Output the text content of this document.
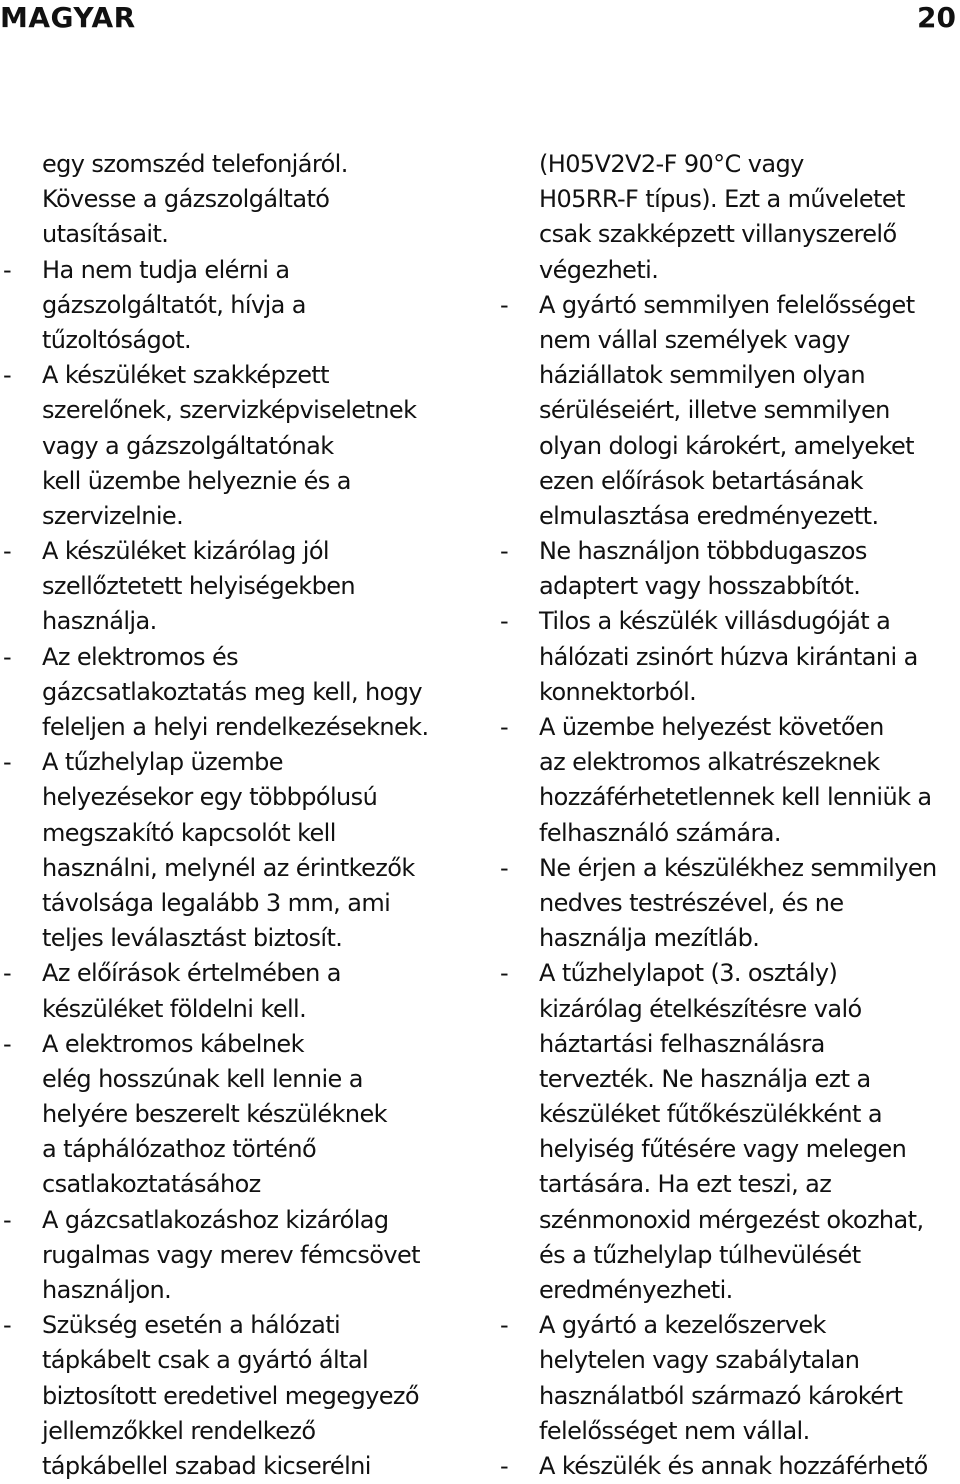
MAGYAR	20
egy szomszéd telefonjáról.
Kövesse a gázszolgáltató
utasításait.
- Ha nem tudja elérni a
gázszolgáltatót, hívja a
tűzoltóságot.
- A készüléket szakképzett
szerelőnek, szervizképviseletnek
vagy a gázszolgáltatónak
kell üzembe helyeznie és a
szervizelnie.
- A készüléket kizárólag jól
szellőztetett helyiségekben
használja.
- Az elektromos és
gázcsatlakoztatás meg kell, hogy
feleljen a helyi rendelkezéseknek.
- A tűzhelylap üzembe
helyezésekor egy többpólusú
megszakító kapcsolót kell
használni, melynél az érintkezők
távolsága legalább 3 mm, ami
teljes leválasztást biztosít.
- Az előírások értelmében a
készüléket földelni kell.
- A elektromos kábelnek
elég hosszúnak kell lennie a
helyére beszerelt készüléknek
a táphálózathoz történő
csatlakoztatásához
- A gázcsatlakozáshoz kizárólag
rugalmas vagy merev fémcsövet
használjon.
- Szükség esetén a hálózati
tápkábelt csak a gyártó által
biztosított eredetivel megegyező
jellemzőkkel rendelkező
tápkábellel szabad kicserélni
(H05V2V2-F 90°C vagy
H05RR-F típus). Ezt a műveletet
csak szakképzett villanyszerelő
végezheti.
- A gyártó semmilyen felelősséget
nem vállal személyek vagy
háziállatok semmilyen olyan
sérüléseiért, illetve semmilyen
olyan dologi károkért, amelyeket
ezen előírások betartásának
elmulasztása eredményezett.
- Ne használjon többdugaszos
adaptert vagy hosszabbítót.
- Tilos a készülék villásdugóját a
hálózati zsinórt húzva kirántani a
konnektorból.
- A üzembe helyezést követően
az elektromos alkatrészeknek
hozzáférhetetlennek kell lenniük a
felhasználó számára.
- Ne érjen a készülékhez semmilyen
nedves testrészével, és ne
használja mezítláb.
- A tűzhelylapot (3. osztály)
kizárólag ételkészítésre való
háztartási felhasználásra
tervezték. Ne használja ezt a
készüléket fűtőkészülékként a
helyiség fűtésére vagy melegen
tartására. Ha ezt teszi, az
szénmonoxid mérgezést okozhat,
és a tűzhelylap túlhevülését
eredményezheti.
- A gyártó a kezelőszervek
helytelen vagy szabálytalan
használatból származó károkért
felelősséget nem vállal.
- A készülék és annak hozzáférhető
